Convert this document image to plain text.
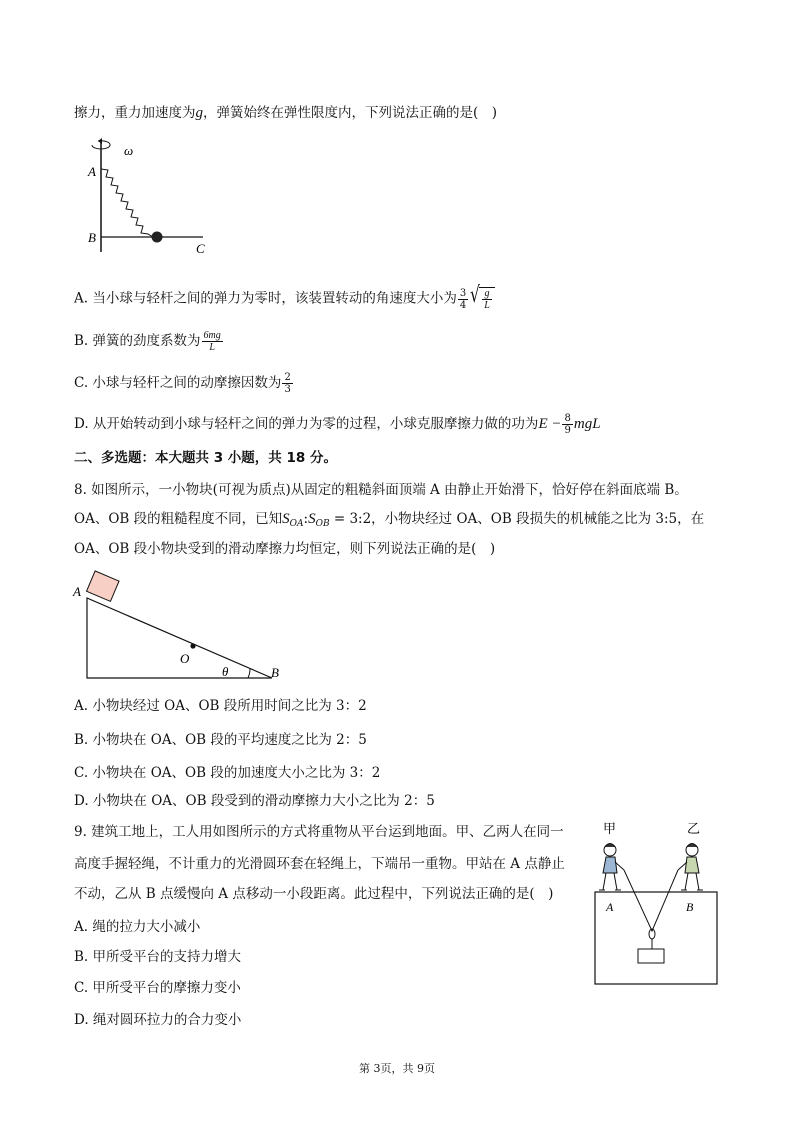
擦力，重力加速度为g，弹簧始终在弹性限度内，下列说法正确的是(　)
ω
A
B
C
A. 当小球与轻杆之间的弹力为零时，该装置转动的角速度大小为 $\frac{3}{4}$ √ $\frac{g}{L}$
B. 弹簧的劲度系数为 $\frac{6mg}{L}$
C. 小球与轻杆之间的动摩擦因数为 $\frac{2}{3}$
D. 从开始转动到小球与轻杆之间的弹力为零的过程，小球克服摩擦力做的功为$E - \frac{8}{9}$ mgL
二、多选题：本大题共 3 小题，共 18 分。
8. 如图所示，一小物块(可视为质点)从固定的粗糙斜面顶端 A 由静止开始滑下，恰好停在斜面底端 B。
OA、OB 段的粗糙程度不同，已知$S_{OA}:S_{OB}$ = 3:2，小物块经过 OA、OB 段损失的机械能之比为 3:5，在
OA、OB 段小物块受到的滑动摩擦力均恒定，则下列说法正确的是(　)
A
O
θ	B
A. 小物块经过 OA、OB 段所用时间之比为 3：2
B. 小物块在 OA、OB 段的平均速度之比为 2：5
C. 小物块在 OA、OB 段的加速度大小之比为 3：2
D. 小物块在 OA、OB 段受到的滑动摩擦力大小之比为 2：5
9. 建筑工地上，工人用如图所示的方式将重物从平台运到地面。甲、乙两人在同一
高度手握轻绳，不计重力的光滑圆环套在轻绳上，下端吊一重物。甲站在 A 点静止
不动，乙从 B 点缓慢向 A 点移动一小段距离。此过程中，下列说法正确的是(　)
A. 绳的拉力大小减小
B. 甲所受平台的支持力增大
C. 甲所受平台的摩擦力变小
D. 绳对圆环拉力的合力变小
甲	乙
A	B
第 3页，共 9页
